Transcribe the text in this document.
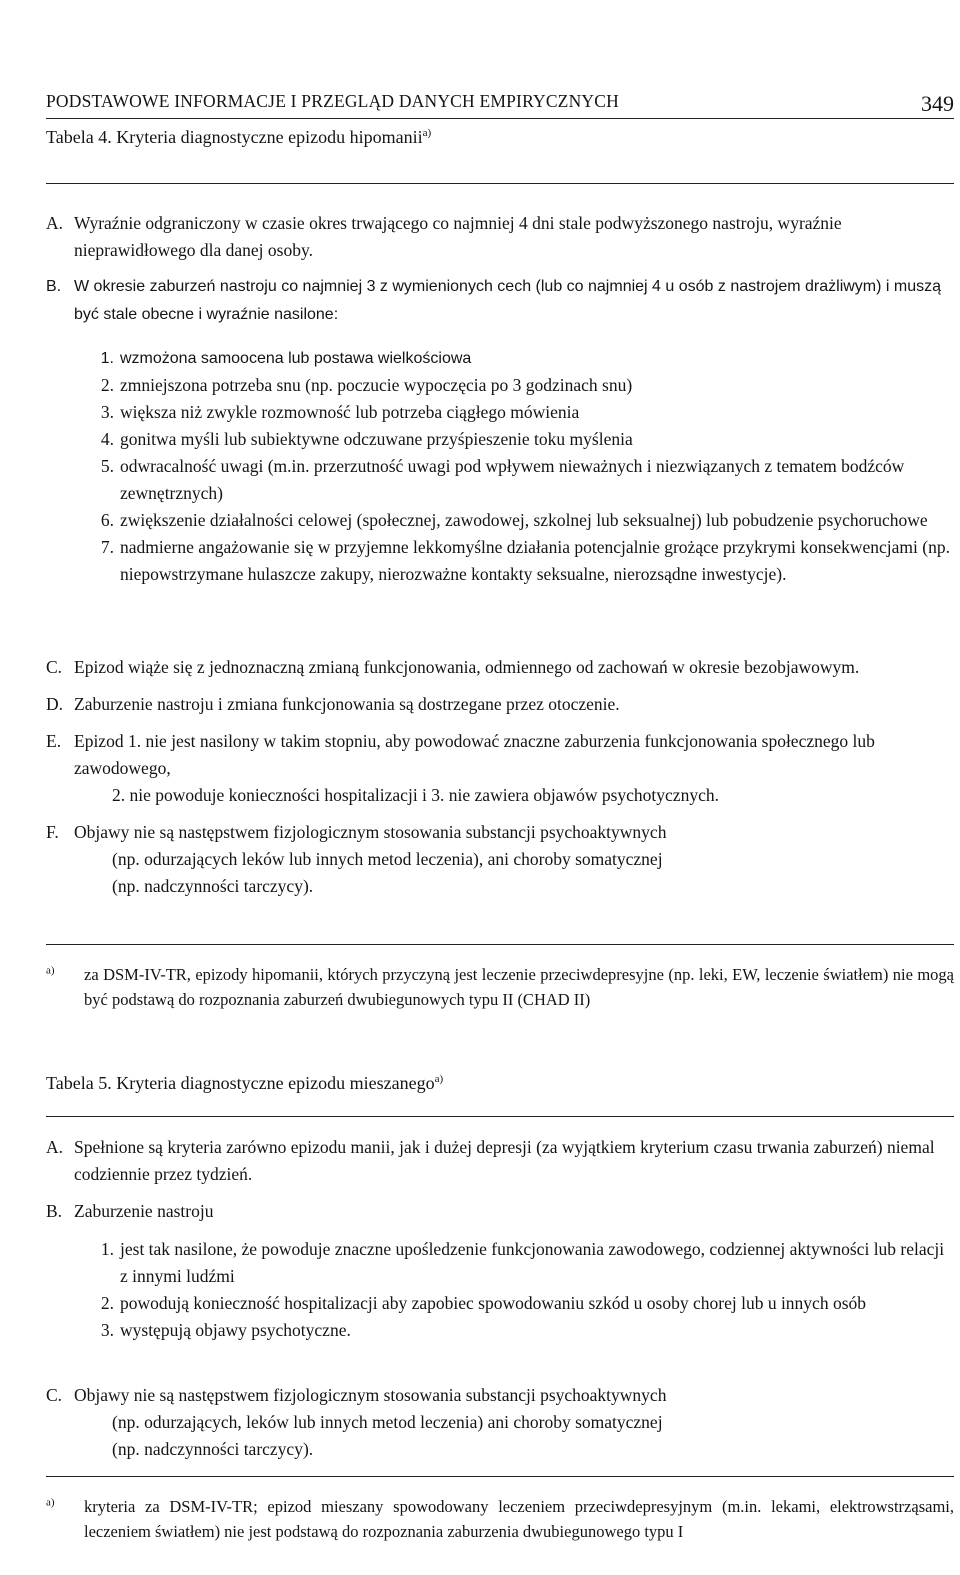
PODSTAWOWE INFORMACJE I PRZEGLĄD DANYCH EMPIRYCZNYCH	349
Tabela 4. Kryteria diagnostyczne epizodu hipomanii$^{a)}$

A. Wyraźnie odgraniczony w czasie okres trwającego co najmniej 4 dni stale podwyższonego nastroju, wyraźnie nieprawidłowego dla danej osoby.

B. W okresie zaburzeń nastroju co najmniej 3 z wymienionych cech (lub co najmniej 4 u osób z nastrojem drażliwym) i muszą być stale obecne i wyraźnie nasilone:

1. wzmożona samoocena lub postawa wielkościowa

2. zmniejszona potrzeba snu (np. poczucie wypoczęcia po 3 godzinach snu)

3. większa niż zwykle rozmowność lub potrzeba ciągłego mówienia

4. gonitwa myśli lub subiektywne odczuwane przyśpieszenie toku myślenia

5. odwracalność uwagi (m.in. przerzutność uwagi pod wpływem nieważnych i niezwiązanych z tematem bodźców zewnętrznych)

6. zwiększenie działalności celowej (społecznej, zawodowej, szkolnej lub seksualnej) lub pobudzenie psychoruchowe

7. nadmierne angażowanie się w przyjemne lekkomyślne działania potencjalnie grożące przykrymi konsekwencjami (np. niepowstrzymane hulaszcze zakupy, nierozważne kontakty seksualne, nierozsądne inwestycje).

C. Epizod wiąże się z jednoznaczną zmianą funkcjonowania, odmiennego od zachowań w okresie bezobjawowym.

D. Zaburzenie nastroju i zmiana funkcjonowania są dostrzegane przez otoczenie.

E. Epizod 1. nie jest nasilony w takim stopniu, aby powodować znaczne zaburzenia funkcjonowania społecznego lub zawodowego,
2. nie powoduje konieczności hospitalizacji i 3. nie zawiera objawów psychotycznych.

F. Objawy nie są następstwem fizjologicznym stosowania substancji psychoaktywnych
(np. odurzających leków lub innych metod leczenia), ani choroby somatycznej
(np. nadczynności tarczycy).

$^{a)}$	za DSM-IV-TR, epizody hipomanii, których przyczyną jest leczenie przeciwdepresyjne (np. leki, EW, leczenie światłem) nie mogą być podstawą do rozpoznania zaburzeń dwubiegunowych typu II (CHAD II)
Tabela 5. Kryteria diagnostyczne epizodu mieszanego$^{a)}$

A. Spełnione są kryteria zarówno epizodu manii, jak i dużej depresji (za wyjątkiem kryterium czasu trwania zaburzeń) niemal codziennie przez tydzień.

B. Zaburzenie nastroju

1. jest tak nasilone, że powoduje znaczne upośledzenie funkcjonowania zawodowego, codziennej aktywności lub relacji z innymi ludźmi

2. powodują konieczność hospitalizacji aby zapobiec spowodowaniu szkód u osoby chorej lub u innych osób

3. występują objawy psychotyczne.

C. Objawy nie są następstwem fizjologicznym stosowania substancji psychoaktywnych
(np. odurzających, leków lub innych metod leczenia) ani choroby somatycznej
(np. nadczynności tarczycy).

$^{a)}$	kryteria za DSM-IV-TR; epizod mieszany spowodowany leczeniem przeciwdepresyjnym (m.in. lekami, elektrowstrząsami, leczeniem światłem) nie jest podstawą do rozpoznania zaburzenia dwubiegunowego typu I
